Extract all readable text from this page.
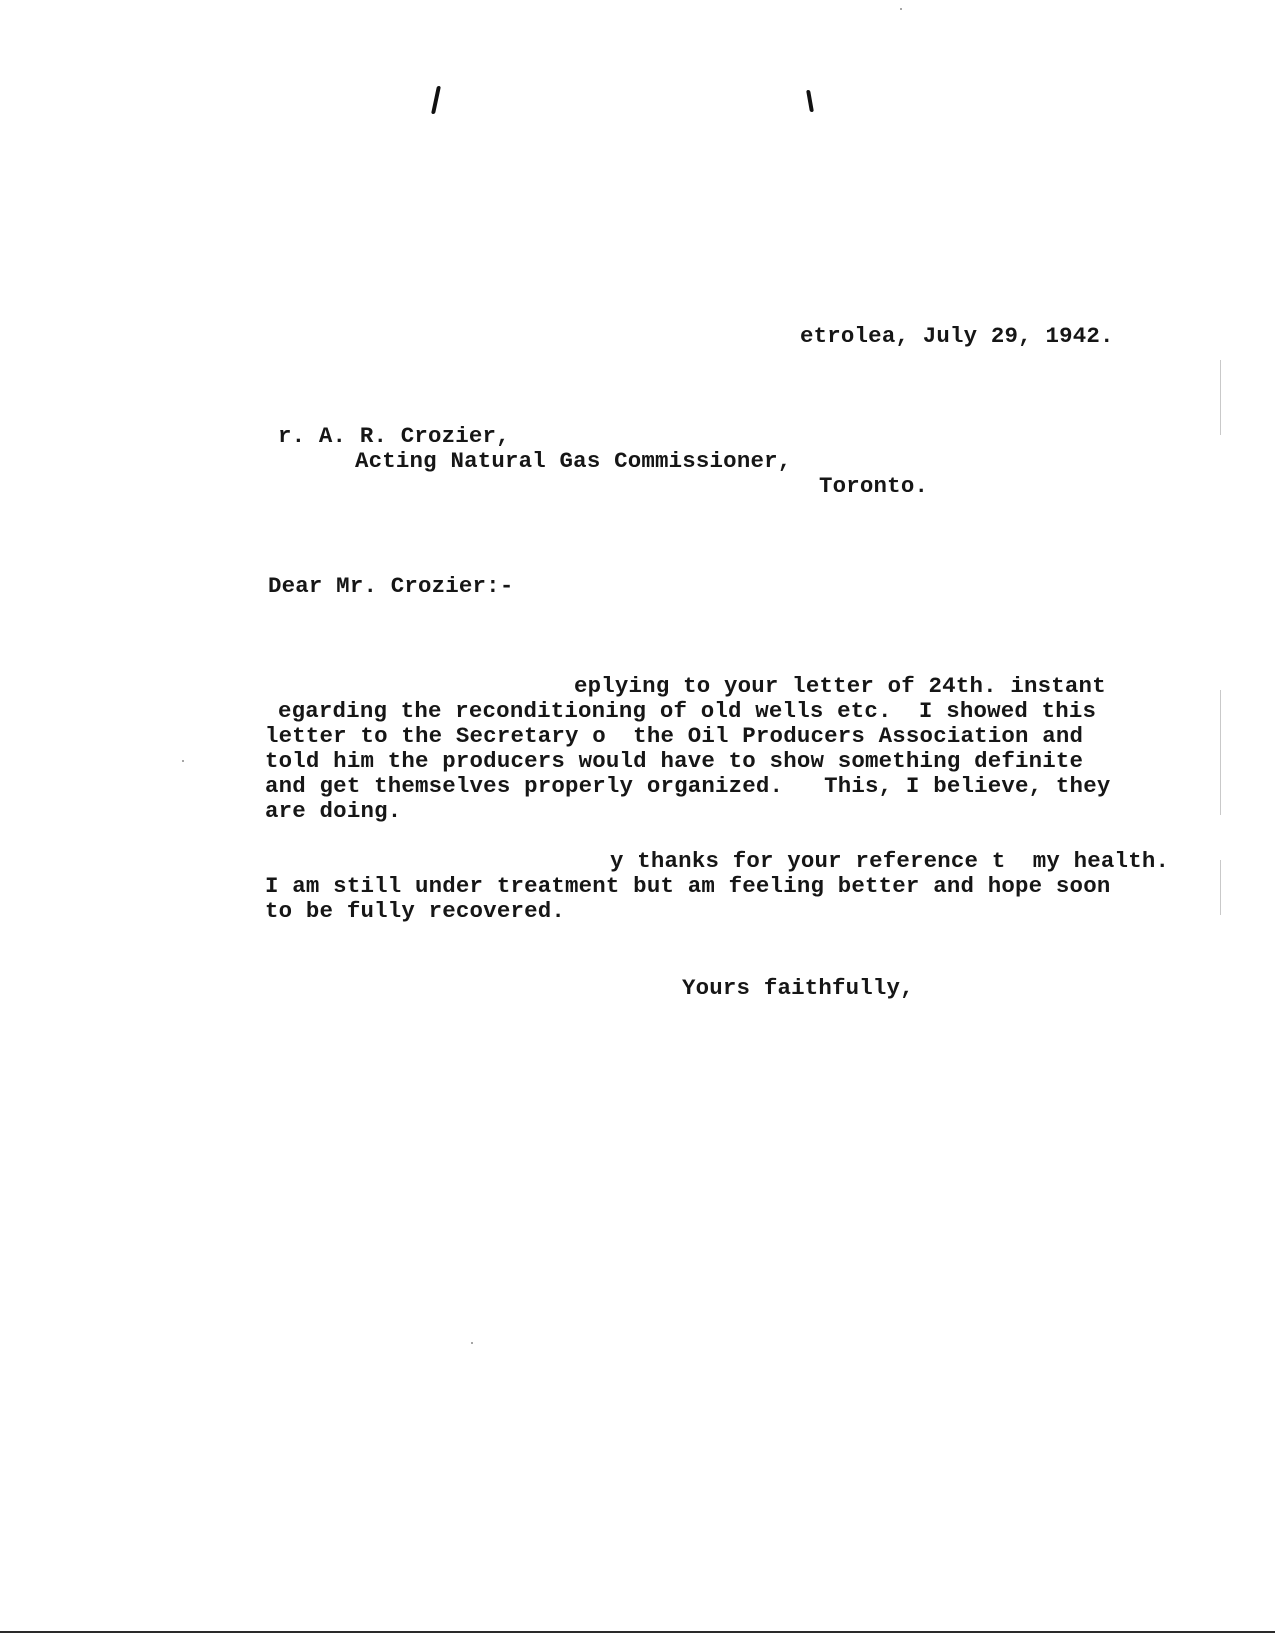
etrolea, July 29, 1942.
r. A. R. Crozier,
Acting Natural Gas Commissioner,
Toronto.
Dear Mr. Crozier:-
eplying to your letter of 24th. instant
egarding the reconditioning of old wells etc.  I showed this
letter to the Secretary o  the Oil Producers Association and
told him the producers would have to show something definite
and get themselves properly organized.   This, I believe, they
are doing.
y thanks for your reference t  my health.
I am still under treatment but am feeling better and hope soon
to be fully recovered.
Yours faithfully,
